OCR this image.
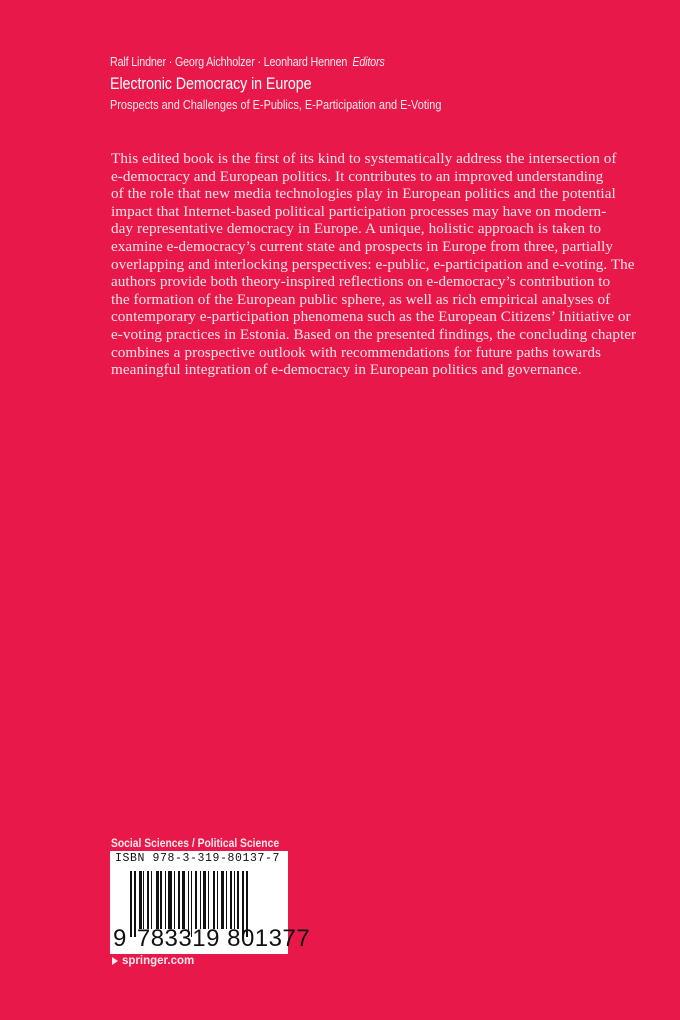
Ralf Lindner · Georg Aichholzer · Leonhard Hennen Editors
Electronic Democracy in Europe
Prospects and Challenges of E-Publics, E-Participation and E-Voting
This edited book is the first of its kind to systematically address the intersection of
e-democracy and European politics. It contributes to an improved understanding
of the role that new media technologies play in European politics and the potential
impact that Internet-based political participation processes may have on modern-
day representative democracy in Europe. A unique, holistic approach is taken to
examine e-democracy’s current state and prospects in Europe from three, partially
overlapping and interlocking perspectives: e-public, e-participation and e-voting. The
authors provide both theory-inspired reflections on e-democracy’s contribution to
the formation of the European public sphere, as well as rich empirical analyses of
contemporary e-participation phenomena such as the European Citizens’ Initiative or
e-voting practices in Estonia. Based on the presented findings, the concluding chapter
combines a prospective outlook with recommendations for future paths towards
meaningful integration of e-democracy in European politics and governance.
Social Sciences / Political Science
ISBN 978-3-319-80137-7
9 783319 801377
springer.com
